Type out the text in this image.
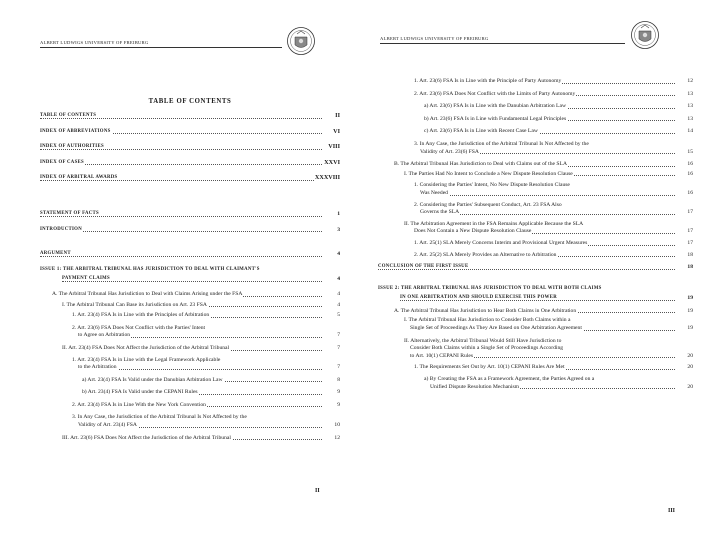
ALBERT LUDWIGS UNIVERSITY OF FREIBURG
TABLE OF CONTENTS
TABLE OF CONTENTS	II
INDEX OF ABBREVIATIONS	VI
INDEX OF AUTHORITIES	VIII
INDEX OF CASES	XXVI
INDEX OF ARBITRAL AWARDS	XXXVIII
STATEMENT OF FACTS	1
INTRODUCTION	3
ARGUMENT	4
ISSUE 1: THE ARBITRAL TRIBUNAL HAS JURISDICTION TO DEAL WITH CLAIMANT'S
PAYMENT CLAIMS	4
A. The Arbitral Tribunal Has Jurisdiction to Deal with Claims Arising under the FSA	4
I. The Arbitral Tribunal Can Base its Jurisdiction on Art. 23 FSA	4
1. Art. 23(4) FSA Is in Line with the Principles of Arbitration	5
2. Art. 23(6) FSA Does Not Conflict with the Parties' Intent
to Agree on Arbitration	7
II. Art. 23(4) FSA Does Not Affect the Jurisdiction of the Arbitral Tribunal	7
1. Art. 23(4) FSA Is in Line with the Legal Framework Applicable
to the Arbitration	7
a) Art. 23(4) FSA Is Valid under the Danubian Arbitration Law	8
b) Art. 23(4) FSA Is Valid under the CEPANI Rules	9
2. Art. 23(4) FSA Is in Line With the New York Convention	9
3. In Any Case, the Jurisdiction of the Arbitral Tribunal Is Not Affected by the
Validity of Art. 23(4) FSA	10
III. Art. 23(6) FSA Does Not Affect the Jurisdiction of the Arbitral Tribunal	12
II
ALBERT LUDWIGS UNIVERSITY OF FREIBURG
1. Art. 23(6) FSA Is in Line with the Principle of Party Autonomy	12
2. Art. 23(6) FSA Does Not Conflict with the Limits of Party Autonomy	13
a) Art. 23(6) FSA Is in Line with the Danubian Arbitration Law	13
b) Art. 23(6) FSA Is in Line with Fundamental Legal Principles	13
c) Art. 23(6) FSA Is in Line with Recent Case Law	14
3. In Any Case, the Jurisdiction of the Arbitral Tribunal Is Not Affected by the
Validity of Art. 23(6) FSA	15
B. The Arbitral Tribunal Has Jurisdiction to Deal with Claims out of the SLA	16
I. The Parties Had No Intent to Conclude a New Dispute Resolution Clause	16
1. Considering the Parties' Intent, No New Dispute Resolution Clause
Was Needed	16
2. Considering the Parties' Subsequent Conduct, Art. 23 FSA Also
Governs the SLA	17
II. The Arbitration Agreement in the FSA Remains Applicable Because the SLA
Does Not Contain a New Dispute Resolution Clause	17
1. Art. 25(1) SLA Merely Concerns Interim and Provisional Urgent Measures	17
2. Art. 25(2) SLA Merely Provides an Alternative to Arbitration	18
CONCLUSION OF THE FIRST ISSUE	18
ISSUE 2: THE ARBITRAL TRIBUNAL HAS JURISDICTION TO DEAL WITH BOTH CLAIMS
IN ONE ARBITRATION AND SHOULD EXERCISE THIS POWER	19
A. The Arbitral Tribunal Has Jurisdiction to Hear Both Claims in One Arbitration	19
I. The Arbitral Tribunal Has Jurisdiction to Consider Both Claims within a
Single Set of Proceedings As They Are Based on One Arbitration Agreement	19
II. Alternatively, the Arbitral Tribunal Would Still Have Jurisdiction to
Consider Both Claims within a Single Set of Proceedings According
to Art. 10(1) CEPANI Rules	20
1. The Requirements Set Out by Art. 10(1) CEPANI Rules Are Met	20
a) By Creating the FSA as a Framework Agreement, the Parties Agreed on a
Unified Dispute Resolution Mechanism	20
III
